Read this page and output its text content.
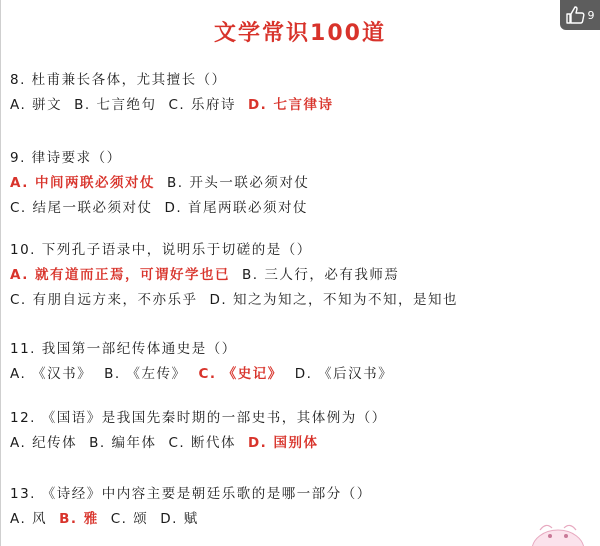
文学常识100道
9
8. 杜甫兼长各体，尤其擅长（）
A. 骈文 B. 七言绝句 C. 乐府诗 D. 七言律诗
9. 律诗要求（）
A. 中间两联必须对仗 B. 开头一联必须对仗
C. 结尾一联必须对仗 D. 首尾两联必须对仗
10. 下列孔子语录中，说明乐于切磋的是（）
A. 就有道而正焉，可谓好学也已 B. 三人行，必有我师焉
C. 有朋自远方来，不亦乐乎 D. 知之为知之，不知为不知，是知也
11. 我国第一部纪传体通史是（）
A. 《汉书》 B. 《左传》 C. 《史记》 D. 《后汉书》
12. 《国语》是我国先秦时期的一部史书，其体例为（）
A. 纪传体 B. 编年体 C. 断代体 D. 国别体
13. 《诗经》中内容主要是朝廷乐歌的是哪一部分（）
A. 风 B. 雅 C. 颂 D. 赋
